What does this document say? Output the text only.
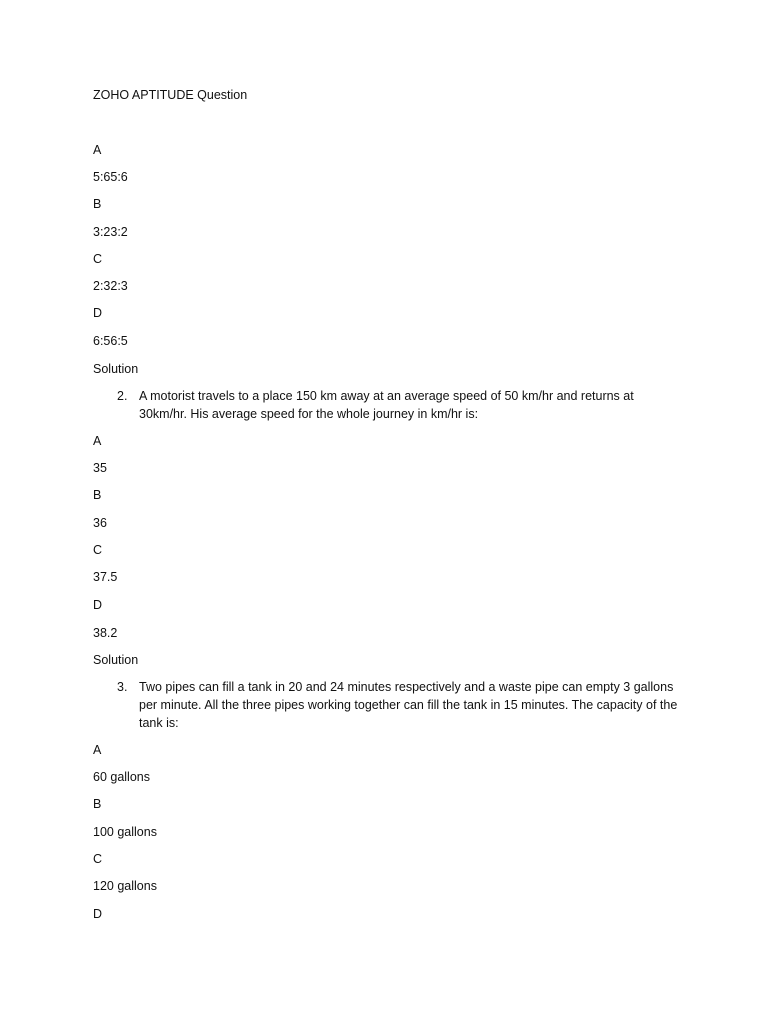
ZOHO APTITUDE Question
A
5:65:6
B
3:23:2
C
2:32:3
D
6:56:5
Solution
2. A motorist travels to a place 150 km away at an average speed of 50 km/hr and returns at 30km/hr. His average speed for the whole journey in km/hr is:
A
35
B
36
C
37.5
D
38.2
Solution
3. Two pipes can fill a tank in 20 and 24 minutes respectively and a waste pipe can empty 3 gallons per minute. All the three pipes working together can fill the tank in 15 minutes. The capacity of the tank is:
A
60 gallons
B
100 gallons
C
120 gallons
D
